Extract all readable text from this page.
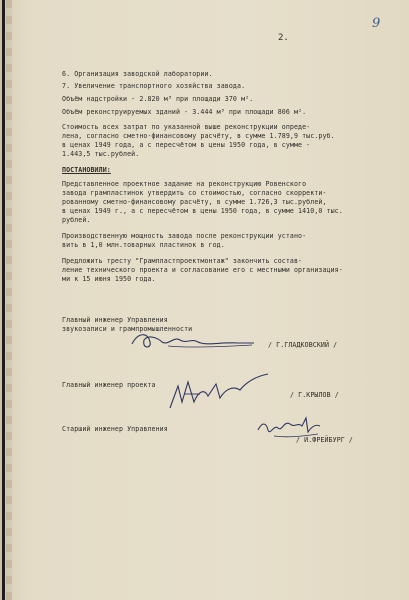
9
2.
6. Организация заводской лаборатории.
7. Увеличение транспортного хозяйства завода.
Объём надстройки - 2.820 м³ при площади 370 м².
Объём реконструируемых зданий - 3.444 м³ при площади 806 м².
Стоимость всех затрат по указанной выше реконструкции опреде-
лена, согласно сметно-финансовому расчёту, в сумме 1.789,9 тыс.руб.
в ценах 1949 года, а с пересчётом в цены 1950 года, в сумме -
1.443,5 тыс.рублей.
ПОСТАНОВИЛИ:
Представленное проектное задание на реконструкцию Ровенского
завода грампластинок утвердить со стоимостью, согласно скорректи-
рованному сметно-финансовому расчёту, в сумме 1.726,3 тыс.рублей,
в ценах 1949 г., а с пересчётом в цены 1950 года, в сумме 1410,0 тыс.
рублей.
Производственную мощность завода после реконструкции устано-
вить в 1,0 млн.товарных пластинок в год.
Предложить тресту "Грампластпроектмонтаж" закончить состав-
ление технического проекта и согласование его с местными организация-
ми к 15 июня 1950 года.
Главный инженер Управления
звукозаписи и грампромышленности
/ Г.ГЛАДКОВСКИЙ /
Главный инженер проекта
/ Г.КРЫЛОВ /
Старший инженер Управления
/ И.ФРЕЙБУРГ /
